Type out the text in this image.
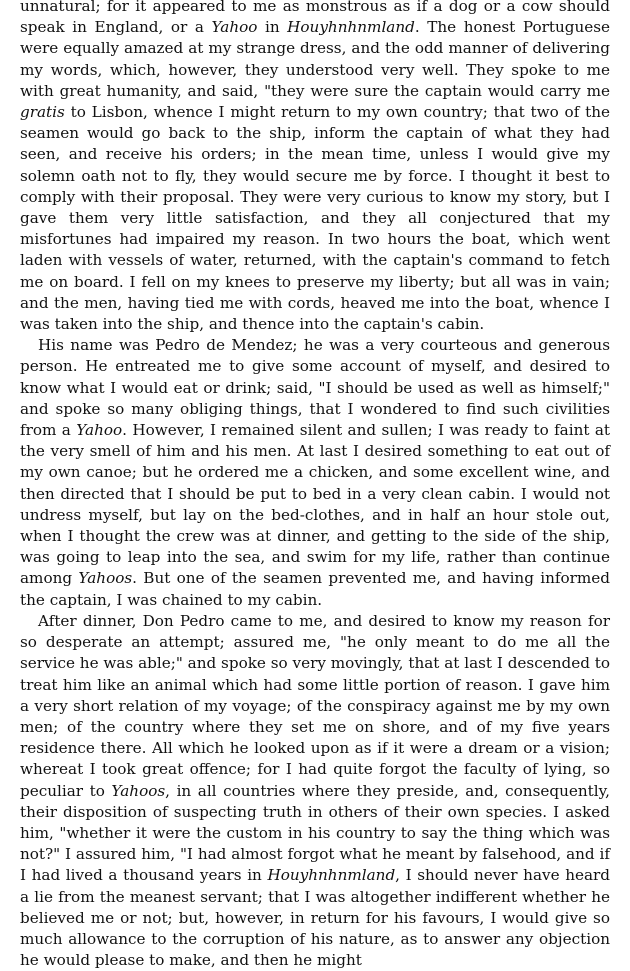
unnatural; for it appeared to me as monstrous as if a dog or a cow should speak in England, or a Yahoo in Houyhnhnmland. The honest Portuguese were equally amazed at my strange dress, and the odd manner of delivering my words, which, however, they understood very well. They spoke to me with great humanity, and said, "they were sure the captain would carry me gratis to Lisbon, whence I might return to my own country; that two of the seamen would go back to the ship, inform the captain of what they had seen, and receive his orders; in the mean time, unless I would give my solemn oath not to fly, they would secure me by force. I thought it best to comply with their proposal. They were very curious to know my story, but I gave them very little satisfaction, and they all conjectured that my misfortunes had impaired my reason. In two hours the boat, which went laden with vessels of water, returned, with the captain's command to fetch me on board. I fell on my knees to preserve my liberty; but all was in vain; and the men, having tied me with cords, heaved me into the boat, whence I was taken into the ship, and thence into the captain's cabin.

His name was Pedro de Mendez; he was a very courteous and generous person. He entreated me to give some account of myself, and desired to know what I would eat or drink; said, "I should be used as well as himself;" and spoke so many obliging things, that I wondered to find such civilities from a Yahoo. However, I remained silent and sullen; I was ready to faint at the very smell of him and his men. At last I desired something to eat out of my own canoe; but he ordered me a chicken, and some excellent wine, and then directed that I should be put to bed in a very clean cabin. I would not undress myself, but lay on the bed-clothes, and in half an hour stole out, when I thought the crew was at dinner, and getting to the side of the ship, was going to leap into the sea, and swim for my life, rather than continue among Yahoos. But one of the seamen prevented me, and having informed the captain, I was chained to my cabin.

After dinner, Don Pedro came to me, and desired to know my reason for so desperate an attempt; assured me, "he only meant to do me all the service he was able;" and spoke so very movingly, that at last I descended to treat him like an animal which had some little portion of reason. I gave him a very short relation of my voyage; of the conspiracy against me by my own men; of the country where they set me on shore, and of my five years residence there. All which he looked upon as if it were a dream or a vision; whereat I took great offence; for I had quite forgot the faculty of lying, so peculiar to Yahoos, in all countries where they preside, and, consequently, their disposition of suspecting truth in others of their own species. I asked him, "whether it were the custom in his country to say the thing which was not?" I assured him, "I had almost forgot what he meant by falsehood, and if I had lived a thousand years in Houyhnhnmland, I should never have heard a lie from the meanest servant; that I was altogether indifferent whether he believed me or not; but, however, in return for his favours, I would give so much allowance to the corruption of his nature, as to answer any objection he would please to make, and then he might
